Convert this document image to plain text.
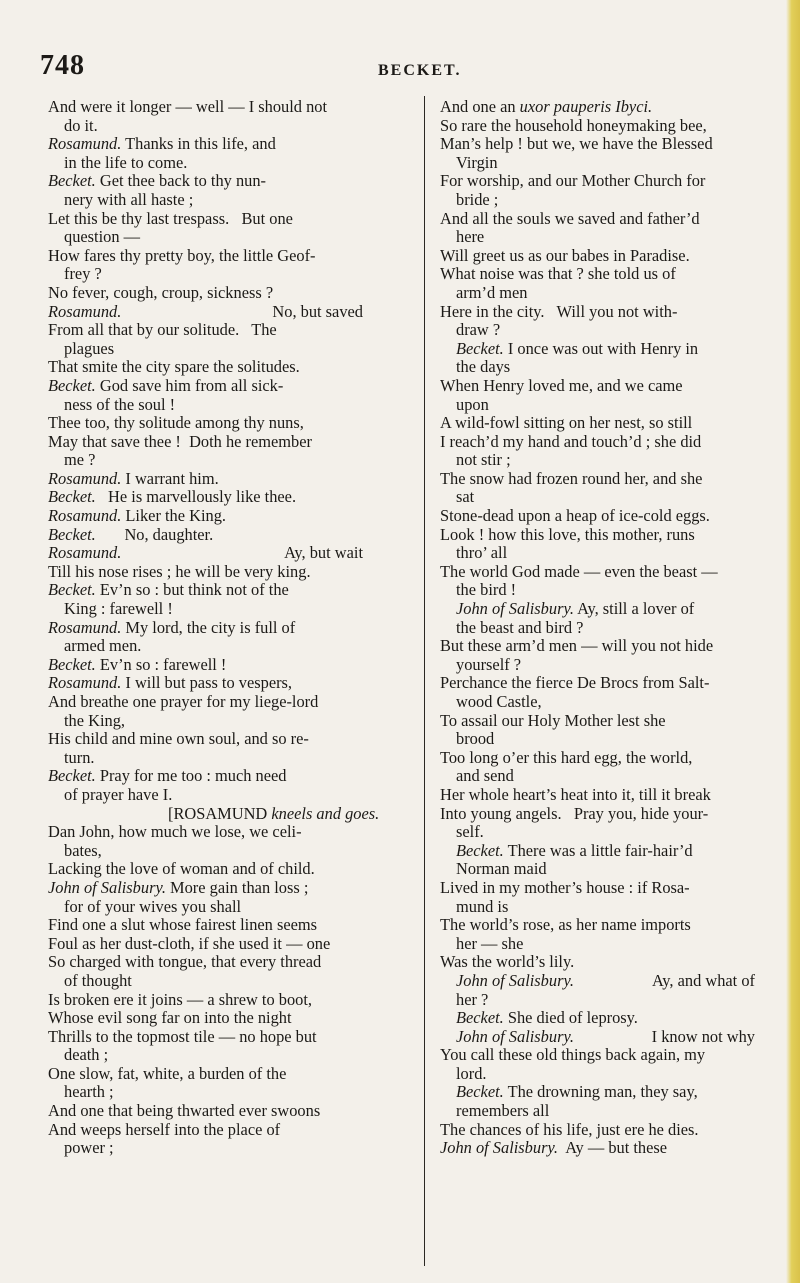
748	BECKET.
And were it longer — well — I should not
do it.
Rosamund. Thanks in this life, and
in the life to come.
Becket. Get thee back to thy nun-
nery with all haste ;
Let this be thy last trespass.   But one
question —
How fares thy pretty boy, the little Geof-
frey ?
No fever, cough, croup, sickness ?
Rosamund.	No, but saved
From all that by our solitude.   The
plagues
That smite the city spare the solitudes.
Becket. God save him from all sick-
ness of the soul !
Thee too, thy solitude among thy nuns,
May that save thee !  Doth he remember
me ?
Rosamund. I warrant him.
Becket.   He is marvellously like thee.
Rosamund. Liker the King.
Becket.       No, daughter.
Rosamund.	Ay, but wait
Till his nose rises ; he will be very king.
Becket. Ev’n so : but think not of the
King : farewell !
Rosamund. My lord, the city is full of
armed men.
Becket. Ev’n so : farewell !
Rosamund. I will but pass to vespers,
And breathe one prayer for my liege-lord
the King,
His child and mine own soul, and so re-
turn.
Becket. Pray for me too : much need
of prayer have I.
[ROSAMUND kneels and goes.
Dan John, how much we lose, we celi-
bates,
Lacking the love of woman and of child.
John of Salisbury. More gain than loss ;
for of your wives you shall
Find one a slut whose fairest linen seems
Foul as her dust-cloth, if she used it — one
So charged with tongue, that every thread
of thought
Is broken ere it joins — a shrew to boot,
Whose evil song far on into the night
Thrills to the topmost tile — no hope but
death ;
One slow, fat, white, a burden of the
hearth ;
And one that being thwarted ever swoons
And weeps herself into the place of
power ;
And one an uxor pauperis Ibyci.
So rare the household honeymaking bee,
Man’s help ! but we, we have the Blessed
Virgin
For worship, and our Mother Church for
bride ;
And all the souls we saved and father’d
here
Will greet us as our babes in Paradise.
What noise was that ? she told us of
arm’d men
Here in the city.   Will you not with-
draw ?
Becket. I once was out with Henry in
the days
When Henry loved me, and we came
upon
A wild-fowl sitting on her nest, so still
I reach’d my hand and touch’d ; she did
not stir ;
The snow had frozen round her, and she
sat
Stone-dead upon a heap of ice-cold eggs.
Look ! how this love, this mother, runs
thro’ all
The world God made — even the beast —
the bird !
John of Salisbury. Ay, still a lover of
the beast and bird ?
But these arm’d men — will you not hide
yourself ?
Perchance the fierce De Brocs from Salt-
wood Castle,
To assail our Holy Mother lest she
brood
Too long o’er this hard egg, the world,
and send
Her whole heart’s heat into it, till it break
Into young angels.   Pray you, hide your-
self.
Becket. There was a little fair-hair’d
Norman maid
Lived in my mother’s house : if Rosa-
mund is
The world’s rose, as her name imports
her — she
Was the world’s lily.
John of Salisbury.	Ay, and what of
her ?
Becket. She died of leprosy.
John of Salisbury.	I know not why
You call these old things back again, my
lord.
Becket. The drowning man, they say,
remembers all
The chances of his life, just ere he dies.
John of Salisbury.  Ay — but these
